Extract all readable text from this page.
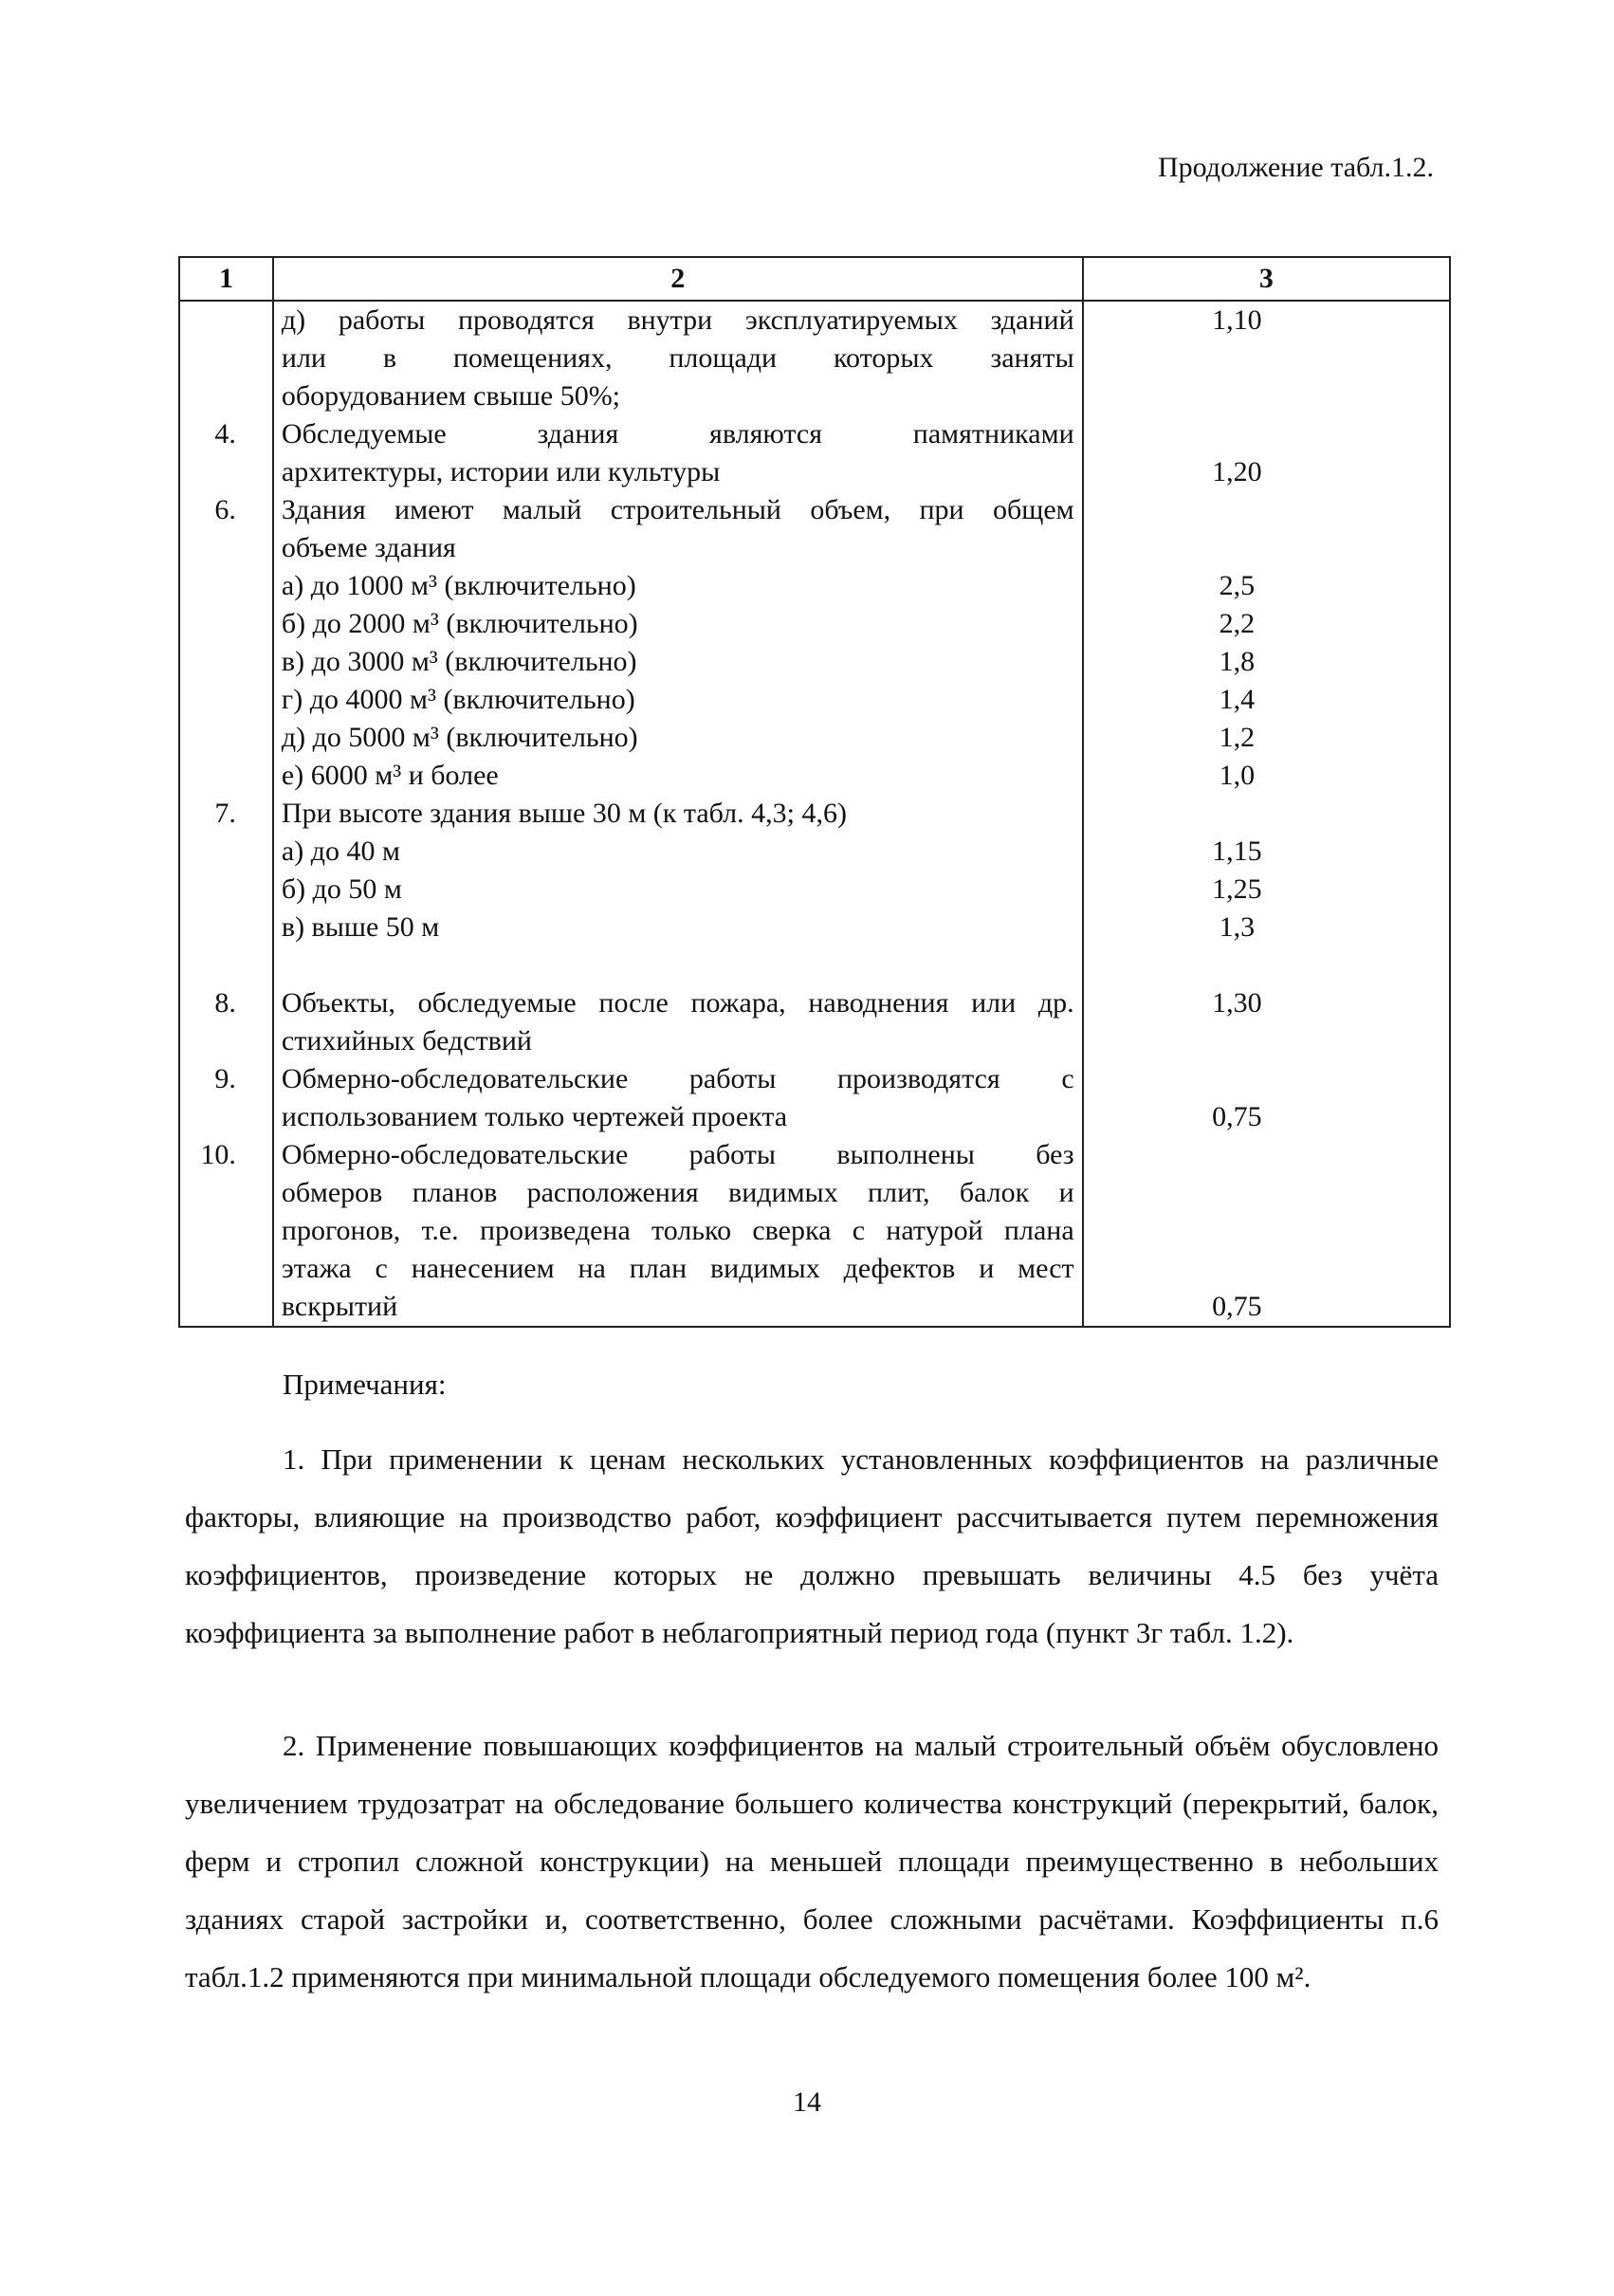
Продолжение табл.1.2.
1	2	3

	д) работы проводятся внутри эксплуатируемых зданий
или в помещениях, площади которых заняты
оборудованием свыше 50%;	1,10

4.	Обследуемые здания являются памятниками
архитектуры, истории или культуры	1,20

6.	Здания имеют малый строительный объем, при общем
объеме здания	

	а) до 1000 м³ (включительно)	2,5

	б) до 2000 м³ (включительно)	2,2

	в) до 3000 м³ (включительно)	1,8

	г) до 4000 м³ (включительно)	1,4

	д) до 5000 м³ (включительно)	1,2

	е) 6000 м³ и более	1,0

7.	При высоте здания выше 30 м (к табл. 4,3; 4,6)	

	а) до 40 м	1,15

	б) до 50 м	1,25

	в) выше 50 м	1,3

8.	Объекты, обследуемые после пожара, наводнения или др.
стихийных бедствий	1,30

9.	Обмерно-обследовательские работы производятся с
использованием только чертежей проекта	0,75

10.	Обмерно-обследовательские работы выполнены без
обмеров планов расположения видимых плит, балок и
прогонов, т.е. произведена только сверка с натурой плана
этажа с нанесением на план видимых дефектов и мест
вскрытий	0,75
Примечания:
1. При применении к ценам нескольких установленных коэффициентов на различные факторы, влияющие на производство работ, коэффициент рассчитывается путем перемножения коэффициентов, произведение которых не должно превышать величины 4.5 без учёта коэффициента за выполнение работ в неблагоприятный период года (пункт 3г табл. 1.2).
2. Применение повышающих коэффициентов на малый строительный объём обусловлено увеличением трудозатрат на обследование большего количества конструкций (перекрытий, балок, ферм и стропил сложной конструкции) на меньшей площади преимущественно в небольших зданиях старой застройки и, соответственно, более сложными расчётами. Коэффициенты п.6 табл.1.2 применяются при минимальной площади обследуемого помещения более 100 м².
14
